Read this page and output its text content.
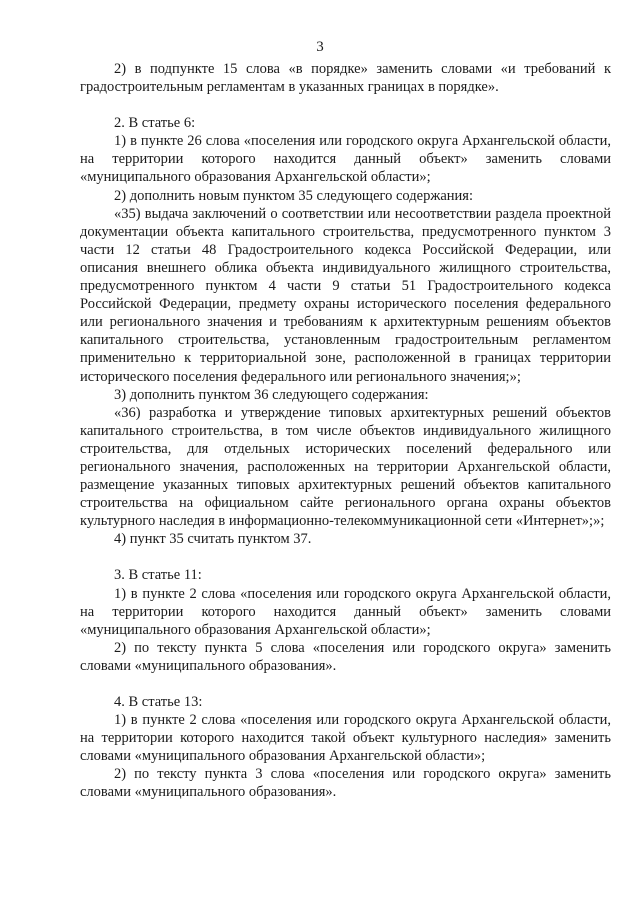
3

2) в подпункте 15 слова «в порядке» заменить словами «и требований к градостроительным регламентам в указанных границах в порядке».

2. В статье 6:

1) в пункте 26 слова «поселения или городского округа Архангельской области, на территории которого находится данный объект» заменить словами «муниципального образования Архангельской области»;

2) дополнить новым пунктом 35 следующего содержания:

«35) выдача заключений о соответствии или несоответствии раздела проектной документации объекта капитального строительства, предусмотренного пунктом 3 части 12 статьи 48 Градостроительного кодекса Российской Федерации, или описания внешнего облика объекта индивидуального жилищного строительства, предусмотренного пунктом 4 части 9 статьи 51 Градостроительного кодекса Российской Федерации, предмету охраны исторического поселения федерального или регионального значения и требованиям к архитектурным решениям объектов капитального строительства, установленным градостроительным регламентом применительно к территориальной зоне, расположенной в границах территории исторического поселения федерального или регионального значения;»;

3) дополнить пунктом 36 следующего содержания:

«36) разработка и утверждение типовых архитектурных решений объектов капитального строительства, в том числе объектов индивидуального жилищного строительства, для отдельных исторических поселений федерального или регионального значения, расположенных на территории Архангельской области, размещение указанных типовых архитектурных решений объектов капитального строительства на официальном сайте регионального органа охраны объектов культурного наследия в информационно-телекоммуникационной сети «Интернет»;»;

4) пункт 35 считать пунктом 37.

3. В статье 11:

1) в пункте 2 слова «поселения или городского округа Архангельской области, на территории которого находится данный объект» заменить словами «муниципального образования Архангельской области»;

2) по тексту пункта 5 слова «поселения или городского округа» заменить словами «муниципального образования».

4. В статье 13:

1) в пункте 2 слова «поселения или городского округа Архангельской области, на территории которого находится такой объект культурного наследия» заменить словами «муниципального образования Архангельской области»;

2) по тексту пункта 3 слова «поселения или городского округа» заменить словами «муниципального образования».
